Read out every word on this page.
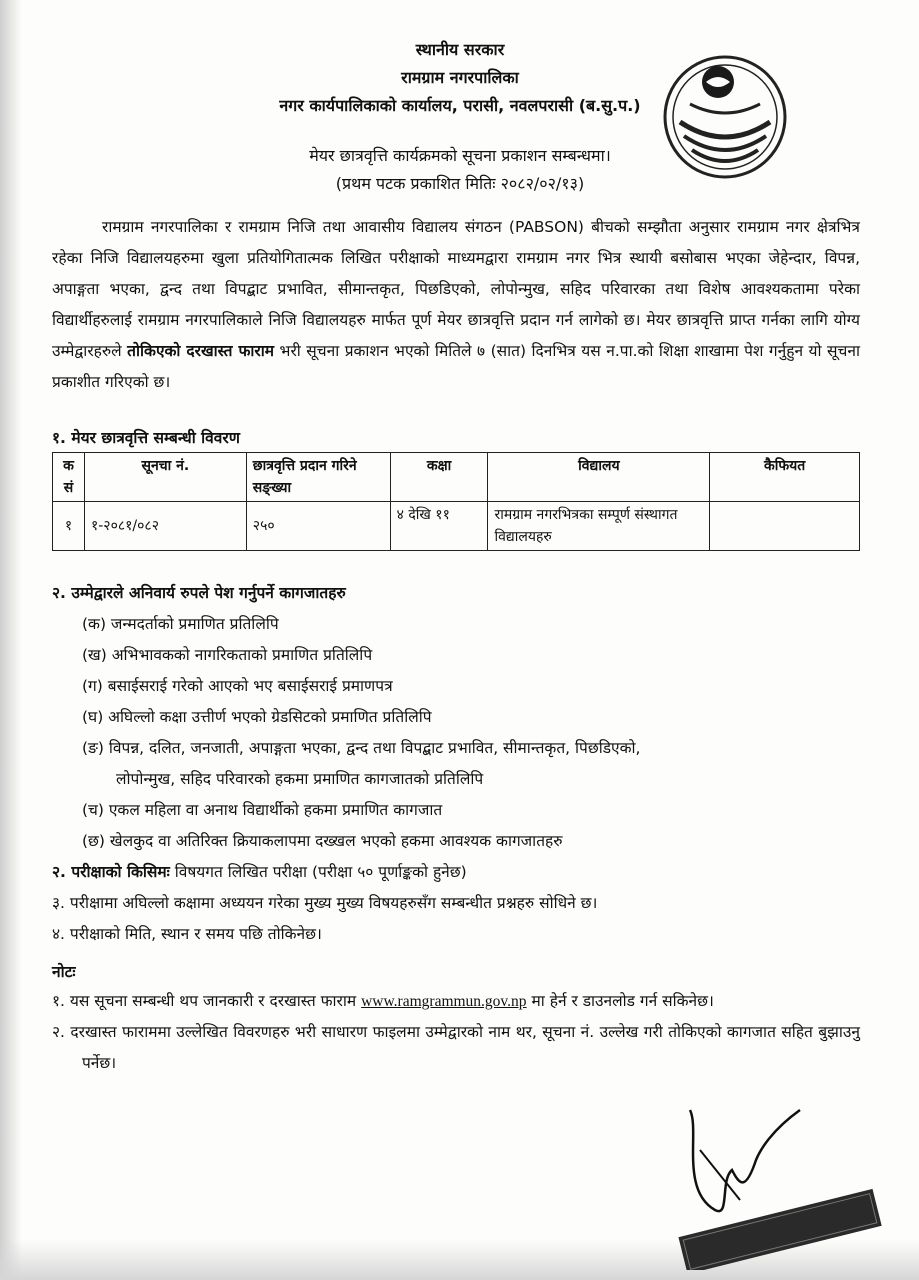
स्थानीय सरकार
रामग्राम नगरपालिका
नगर कार्यपालिकाको कार्यालय, परासी, नवलपरासी (ब.सु.प.)
मेयर छात्रवृत्ति कार्यक्रमको सूचना प्रकाशन सम्बन्धमा।
(प्रथम पटक प्रकाशित मितिः २०८२/०२/१३)
रामग्राम नगरपालिका र रामग्राम निजि तथा आवासीय विद्यालय संगठन (PABSON) बीचको सम्झौता अनुसार रामग्राम नगर क्षेत्रभित्र रहेका निजि विद्यालयहरुमा खुला प्रतियोगितात्मक लिखित परीक्षाको माध्यमद्वारा रामग्राम नगर भित्र स्थायी बसोबास भएका जेहेन्दार, विपन्न, अपाङ्गता भएका, द्वन्द तथा विपद्बाट प्रभावित, सीमान्तकृत, पिछडिएको, लोपोन्मुख, सहिद परिवारका तथा विशेष आवश्यकतामा परेका विद्यार्थीहरुलाई रामग्राम नगरपालिकाले निजि विद्यालयहरु मार्फत पूर्ण मेयर छात्रवृत्ति प्रदान गर्न लागेको छ। मेयर छात्रवृत्ति प्राप्त गर्नका लागि योग्य उम्मेद्वारहरुले तोकिएको दरखास्त फाराम भरी सूचना प्रकाशन भएको मितिले ७ (सात) दिनभित्र यस न.पा.को शिक्षा शाखामा पेश गर्नुहुन यो सूचना प्रकाशीत गरिएको छ।
१. मेयर छात्रवृत्ति सम्बन्धी विवरण
क सं	सूनचा नं.	छात्रवृत्ति प्रदान गरिने सङ्ख्या	कक्षा	विद्यालय	कैफियत
१	१-२०८१/०८२	२५०	४ देखि ११	रामग्राम नगरभित्रका सम्पूर्ण संस्थागत विद्यालयहरु	
२. उम्मेद्वारले अनिवार्य रुपले पेश गर्नुपर्ने कागजातहरु
(क) जन्मदर्ताको प्रमाणित प्रतिलिपि
(ख) अभिभावकको नागरिकताको प्रमाणित प्रतिलिपि
(ग) बसाईसराई गरेको आएको भए बसाईसराई प्रमाणपत्र
(घ) अघिल्लो कक्षा उत्तीर्ण भएको ग्रेडसिटको प्रमाणित प्रतिलिपि
(ङ) विपन्न, दलित, जनजाती, अपाङ्गता भएका, द्वन्द तथा विपद्बाट प्रभावित, सीमान्तकृत, पिछडिएको,
लोपोन्मुख, सहिद परिवारको हकमा प्रमाणित कागजातको प्रतिलिपि
(च) एकल महिला वा अनाथ विद्यार्थीको हकमा प्रमाणित कागजात
(छ) खेलकुद वा अतिरिक्त क्रियाकलापमा दख्खल भएको हकमा आवश्यक कागजातहरु
२. परीक्षाको किसिमः विषयगत लिखित परीक्षा (परीक्षा ५० पूर्णाङ्कको हुनेछ)
३. परीक्षामा अघिल्लो कक्षामा अध्ययन गरेका मुख्य मुख्य विषयहरुसँग सम्बन्धीत प्रश्नहरु सोधिने छ।
४. परीक्षाको मिति, स्थान र समय पछि तोकिनेछ।
नोटः
१. यस सूचना सम्बन्धी थप जानकारी र दरखास्त फाराम www.ramgrammun.gov.np मा हेर्न र डाउनलोड गर्न सकिनेछ।
२. दरखास्त फाराममा उल्लेखित विवरणहरु भरी साधारण फाइलमा उम्मेद्वारको नाम थर, सूचना नं. उल्लेख गरी तोकिएको कागजात सहित बुझाउनु पर्नेछ।
